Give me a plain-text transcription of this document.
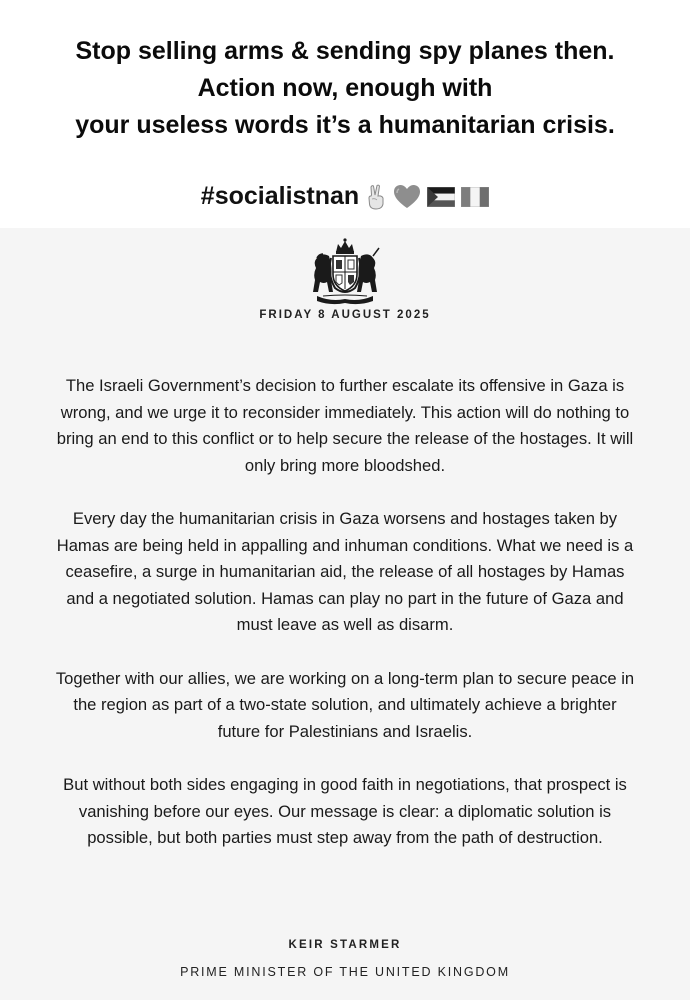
Stop selling arms & sending spy planes then.
Action now, enough with
your useless words it’s a humanitarian crisis.
#socialistnan
FRIDAY 8 AUGUST 2025

The Israeli Government’s decision to further escalate its offensive in Gaza is wrong, and we urge it to reconsider immediately. This action will do nothing to bring an end to this conflict or to help secure the release of the hostages. It will only bring more bloodshed.

Every day the humanitarian crisis in Gaza worsens and hostages taken by Hamas are being held in appalling and inhuman conditions. What we need is a ceasefire, a surge in humanitarian aid, the release of all hostages by Hamas and a negotiated solution. Hamas can play no part in the future of Gaza and must leave as well as disarm.

Together with our allies, we are working on a long-term plan to secure peace in the region as part of a two-state solution, and ultimately achieve a brighter future for Palestinians and Israelis.

But without both sides engaging in good faith in negotiations, that prospect is vanishing before our eyes. Our message is clear: a diplomatic solution is possible, but both parties must step away from the path of destruction.

KEIR STARMER
PRIME MINISTER OF THE UNITED KINGDOM
